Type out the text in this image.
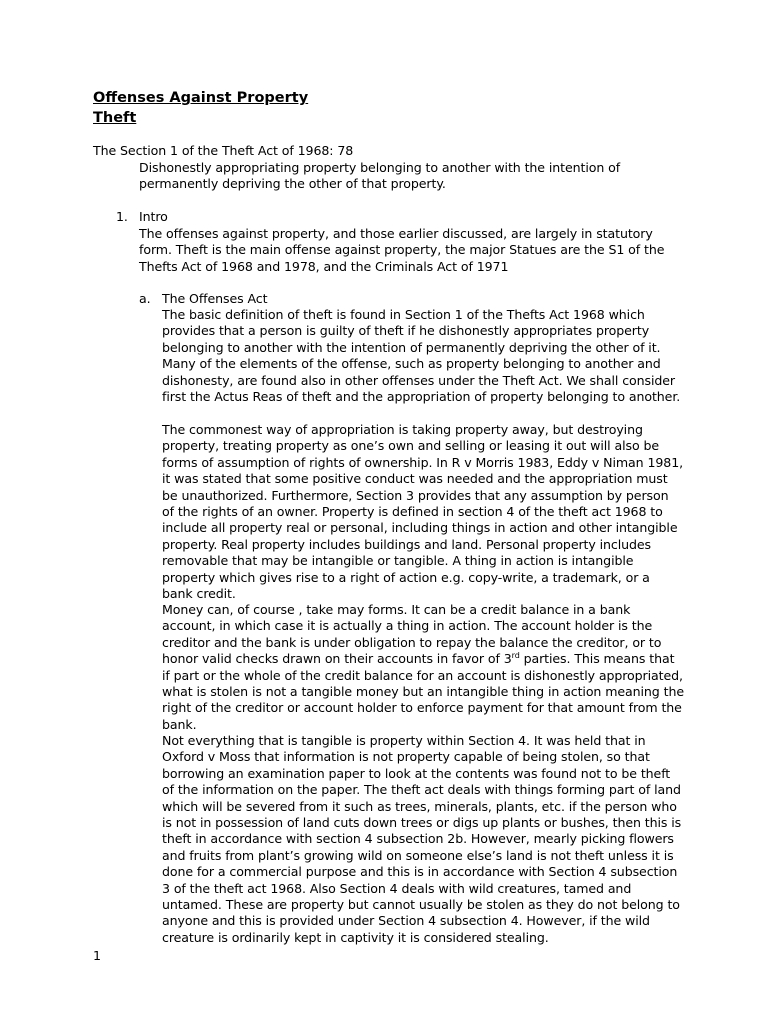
Offenses Against Property
Theft

The Section 1 of the Theft Act of 1968: 78

Dishonestly appropriating property belonging to another with the intention of permanently depriving the other of that property.

1. Intro

The offenses against property, and those earlier discussed, are largely in statutory form. Theft is the main offense against property, the major Statues are the S1 of the Thefts Act of 1968 and 1978, and the Criminals Act of 1971

a. The Offenses Act

The basic definition of theft is found in Section 1 of the Thefts Act 1968 which provides that a person is guilty of theft if he dishonestly appropriates property belonging to another with the intention of permanently depriving the other of it. Many of the elements of the offense, such as property belonging to another and dishonesty, are found also in other offenses under the Theft Act. We shall consider first the Actus Reas of theft and the appropriation of property belonging to another.

The commonest way of appropriation is taking property away, but destroying property, treating property as one’s own and selling or leasing it out will also be forms of assumption of rights of ownership. In R v Morris 1983, Eddy v Niman 1981, it was stated that some positive conduct was needed and the appropriation must be unauthorized. Furthermore, Section 3 provides that any assumption by person of the rights of an owner. Property is defined in section 4 of the theft act 1968 to include all property real or personal, including things in action and other intangible property. Real property includes buildings and land. Personal property includes removable that may be intangible or tangible. A thing in action is intangible property which gives rise to a right of action e.g. copy-write, a trademark, or a bank credit.

Money can, of course , take may forms. It can be a credit balance in a bank account, in which case it is actually a thing in action. The account holder is the creditor and the bank is under obligation to repay the balance the creditor, or to honor valid checks drawn on their accounts in favor of 3rd parties. This means that if part or the whole of the credit balance for an account is dishonestly appropriated, what is stolen is not a tangible money but an intangible thing in action meaning the right of the creditor or account holder to enforce payment for that amount from the bank.

Not everything that is tangible is property within Section 4. It was held that in Oxford v Moss that information is not property capable of being stolen, so that borrowing an examination paper to look at the contents was found not to be theft of the information on the paper. The theft act deals with things forming part of land which will be severed from it such as trees, minerals, plants, etc. if the person who is not in possession of land cuts down trees or digs up plants or bushes, then this is theft in accordance with section 4 subsection 2b. However, mearly picking flowers and fruits from plant’s growing wild on someone else’s land is not theft unless it is done for a commercial purpose and this is in accordance with Section 4 subsection 3 of the theft act 1968. Also Section 4 deals with wild creatures, tamed and untamed. These are property but cannot usually be stolen as they do not belong to anyone and this is provided under Section 4 subsection 4. However, if the wild creature is ordinarily kept in captivity it is considered stealing.

1
